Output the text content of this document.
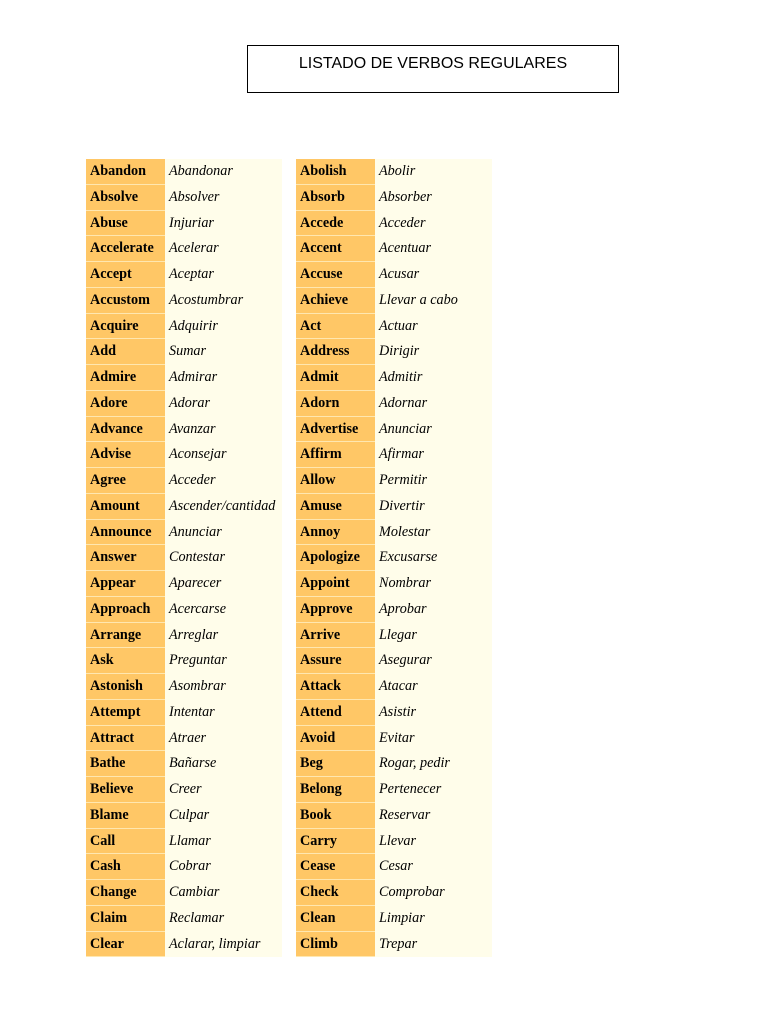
LISTADO DE VERBOS REGULARES
Abandon	Abandonar
Absolve	Absolver
Abuse	Injuriar
Accelerate	Acelerar
Accept	Aceptar
Accustom	Acostumbrar
Acquire	Adquirir
Add	Sumar
Admire	Admirar
Adore	Adorar
Advance	Avanzar
Advise	Aconsejar
Agree	Acceder
Amount	Ascender/cantidad
Announce	Anunciar
Answer	Contestar
Appear	Aparecer
Approach	Acercarse
Arrange	Arreglar
Ask	Preguntar
Astonish	Asombrar
Attempt	Intentar
Attract	Atraer
Bathe	Bañarse
Believe	Creer
Blame	Culpar
Call	Llamar
Cash	Cobrar
Change	Cambiar
Claim	Reclamar
Clear	Aclarar, limpiar
Abolish	Abolir
Absorb	Absorber
Accede	Acceder
Accent	Acentuar
Accuse	Acusar
Achieve	Llevar a cabo
Act	Actuar
Address	Dirigir
Admit	Admitir
Adorn	Adornar
Advertise	Anunciar
Affirm	Afirmar
Allow	Permitir
Amuse	Divertir
Annoy	Molestar
Apologize	Excusarse
Appoint	Nombrar
Approve	Aprobar
Arrive	Llegar
Assure	Asegurar
Attack	Atacar
Attend	Asistir
Avoid	Evitar
Beg	Rogar, pedir
Belong	Pertenecer
Book	Reservar
Carry	Llevar
Cease	Cesar
Check	Comprobar
Clean	Limpiar
Climb	Trepar
